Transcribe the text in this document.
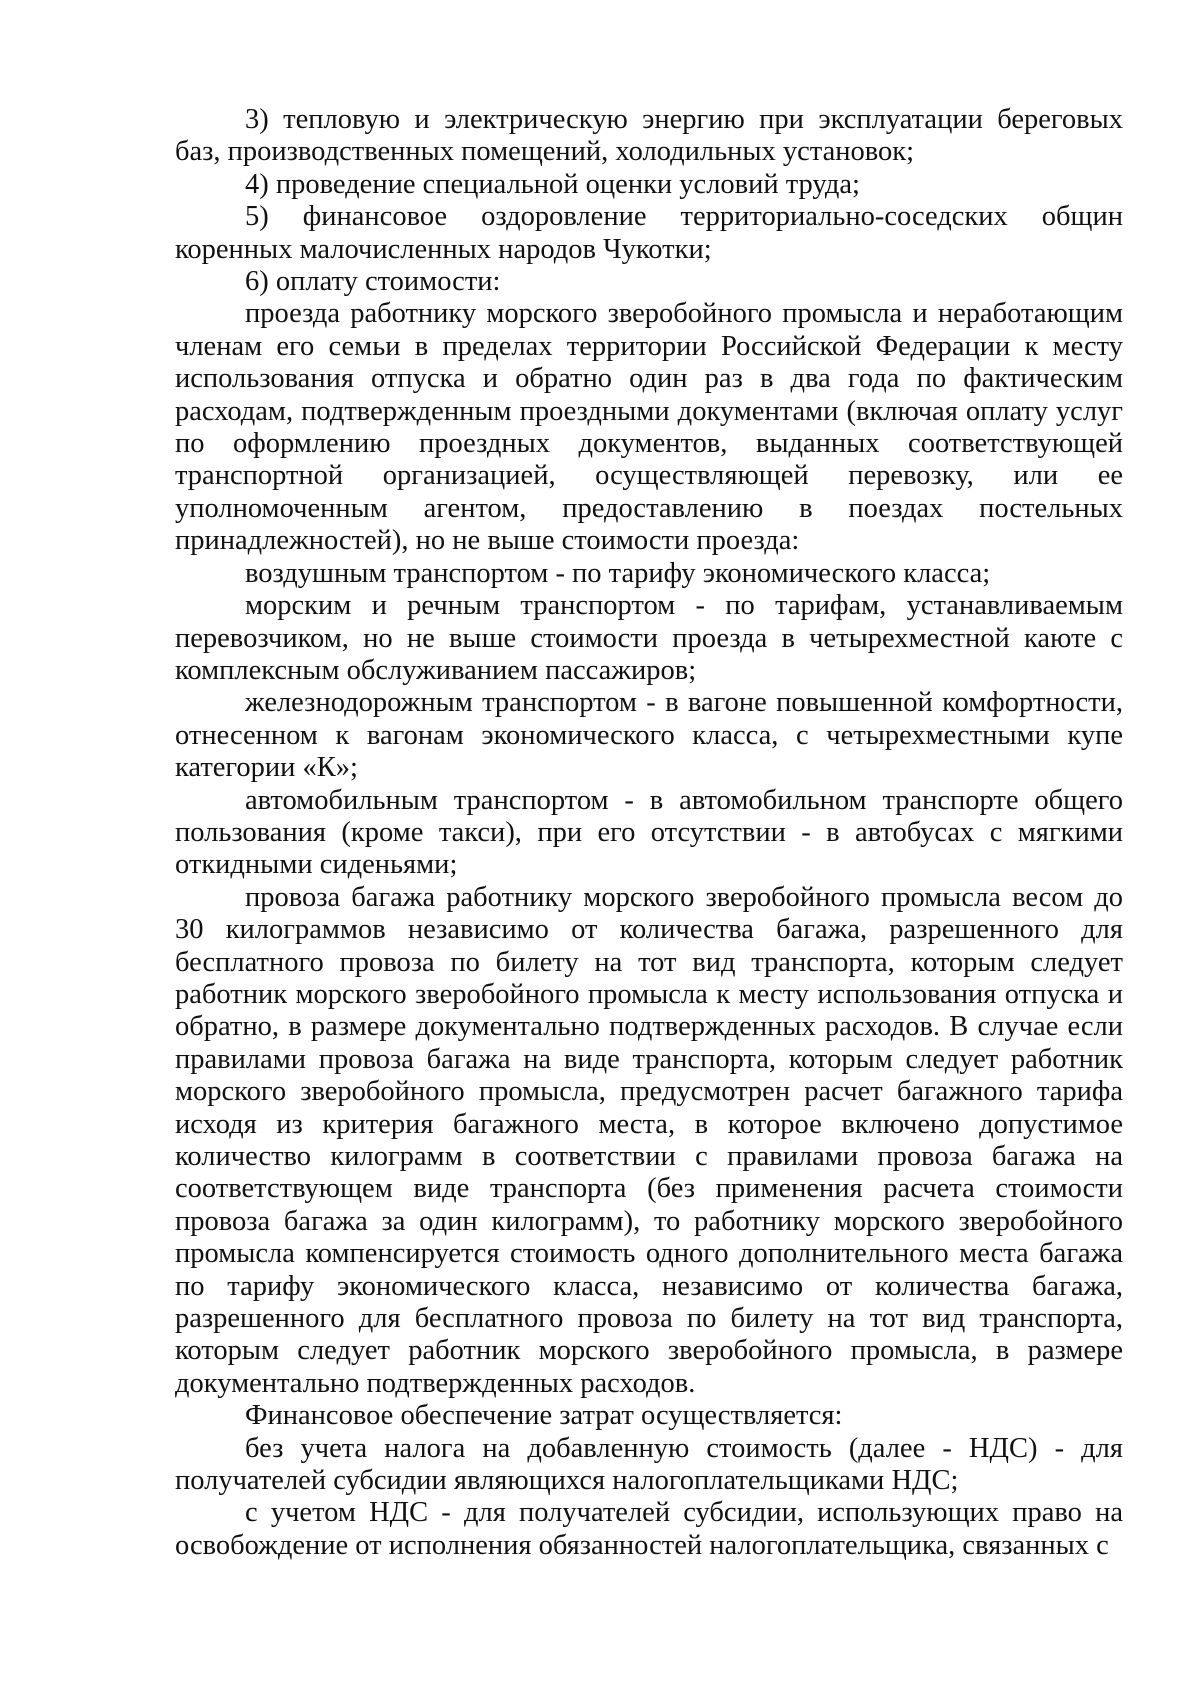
3) тепловую и электрическую энергию при эксплуатации береговых баз, производственных помещений, холодильных установок;

4) проведение специальной оценки условий труда;

5) финансовое оздоровление территориально-соседских общин коренных малочисленных народов Чукотки;

6) оплату стоимости:

проезда работнику морского зверобойного промысла и неработающим членам его семьи в пределах территории Российской Федерации к месту использования отпуска и обратно один раз в два года по фактическим расходам, подтвержденным проездными документами (включая оплату услуг по оформлению проездных документов, выданных соответствующей транспортной организацией, осуществляющей перевозку, или ее уполномоченным агентом, предоставлению в поездах постельных принадлежностей), но не выше стоимости проезда:

воздушным транспортом - по тарифу экономического класса;

морским и речным транспортом - по тарифам, устанавливаемым перевозчиком, но не выше стоимости проезда в четырехместной каюте с комплексным обслуживанием пассажиров;

железнодорожным транспортом - в вагоне повышенной комфортности, отнесенном к вагонам экономического класса, с четырехместными купе категории «К»;

автомобильным транспортом - в автомобильном транспорте общего пользования (кроме такси), при его отсутствии - в автобусах с мягкими откидными сиденьями;

провоза багажа работнику морского зверобойного промысла весом до 30 килограммов независимо от количества багажа, разрешенного для бесплатного провоза по билету на тот вид транспорта, которым следует работник морского зверобойного промысла к месту использования отпуска и обратно, в размере документально подтвержденных расходов. В случае если правилами провоза багажа на виде транспорта, которым следует работник морского зверобойного промысла, предусмотрен расчет багажного тарифа исходя из критерия багажного места, в которое включено допустимое количество килограмм в соответствии с правилами провоза багажа на соответствующем виде транспорта (без применения расчета стоимости провоза багажа за один килограмм), то работнику морского зверобойного промысла компенсируется стоимость одного дополнительного места багажа по тарифу экономического класса, независимо от количества багажа, разрешенного для бесплатного провоза по билету на тот вид транспорта, которым следует работник морского зверобойного промысла, в размере документально подтвержденных расходов.

Финансовое обеспечение затрат осуществляется:

без учета налога на добавленную стоимость (далее - НДС) - для получателей субсидии являющихся налогоплательщиками НДС;

с учетом НДС - для получателей субсидии, использующих право на освобождение от исполнения обязанностей налогоплательщика, связанных с
